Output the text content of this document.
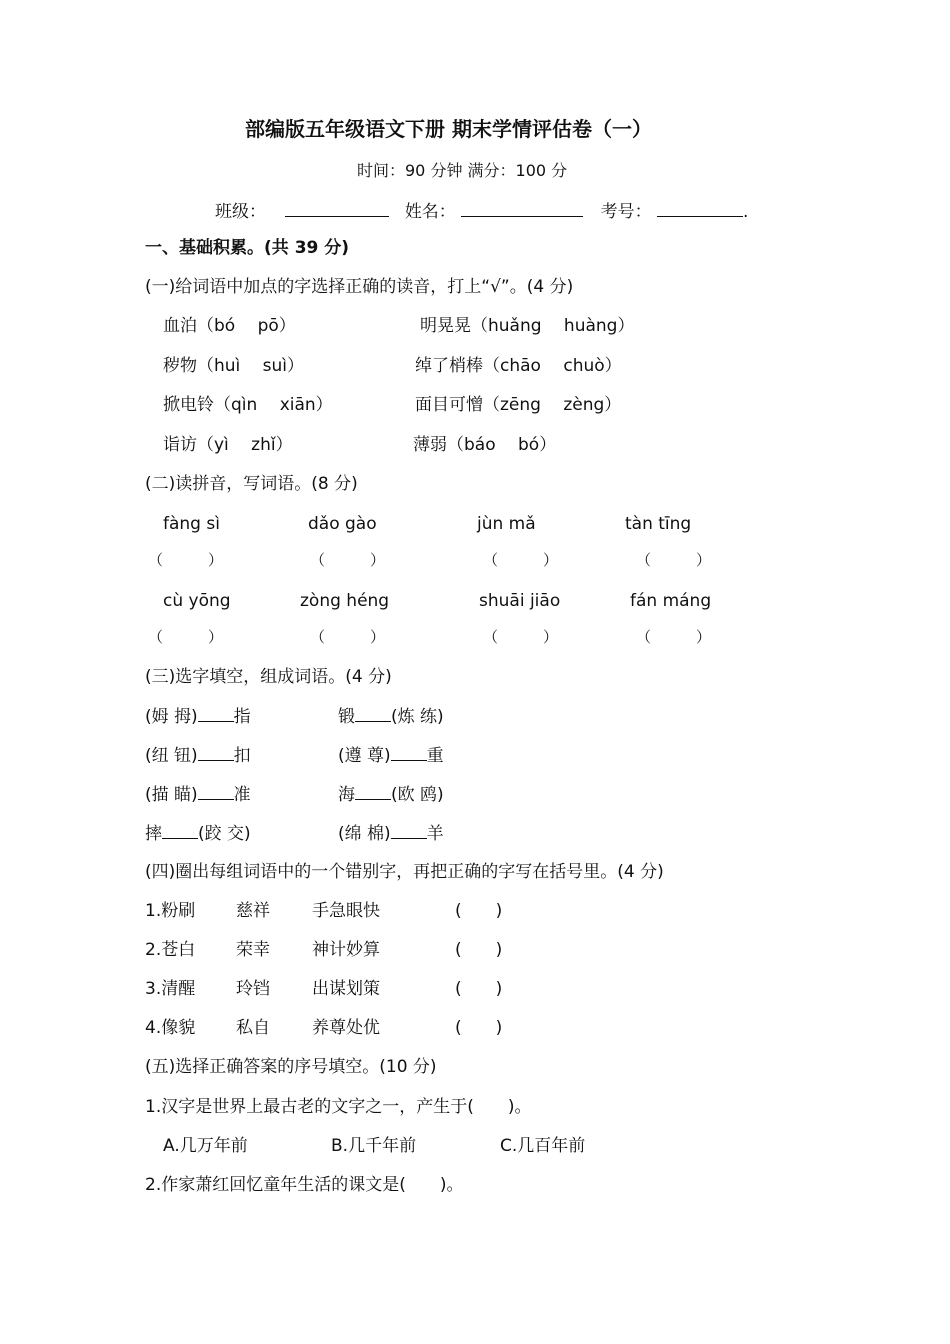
部编版五年级语文下册 期末学情评估卷（一）
时间：90 分钟 满分：100 分
班级：	姓名：	考号：	.
一、基础积累。(共 39 分)
(一)给词语中加点的字选择正确的读音，打上“√”。(4 分)
血泊（bó　 pō）	明晃晃（huǎng　 huàng）
秽物（huì　 suì）	绰了梢棒（chāo　 chuò）
掀电铃（qìn　 xiān）	面目可憎（zēng　 zèng）
诣访（yì　 zhǐ）	薄弱（báo　 bó）
(二)读拼音，写词语。(8 分)
fàng sì	dǎo gào	jùn mǎ	tàn tīng
（　　　）	（　　　）	（　　　）	（　　　）
cù yōng	zòng héng	shuāi jiāo	fán máng
（　　　）	（　　　）	（　　　）	（　　　）
(三)选字填空，组成词语。(4 分)
(姆 拇) 指	锻 (炼 练)
(纽 钮) 扣	(遵 尊) 重
(描 瞄) 准	海 (欧 鸥)
摔 (跤 交)	(绵 棉) 羊
(四)圈出每组词语中的一个错别字，再把正确的字写在括号里。(4 分)
1.粉刷 慈祥 手急眼快	(　　)
2.苍白 荣幸 神计妙算	(　　)
3.清醒 玲铛 出谋划策	(　　)
4.像貌 私自 养尊处优	(　　)
(五)选择正确答案的序号填空。(10 分)
1.汉字是世界上最古老的文字之一，产生于(　　)。
A.几万年前	B.几千年前	C.几百年前
2.作家萧红回忆童年生活的课文是(　　)。
